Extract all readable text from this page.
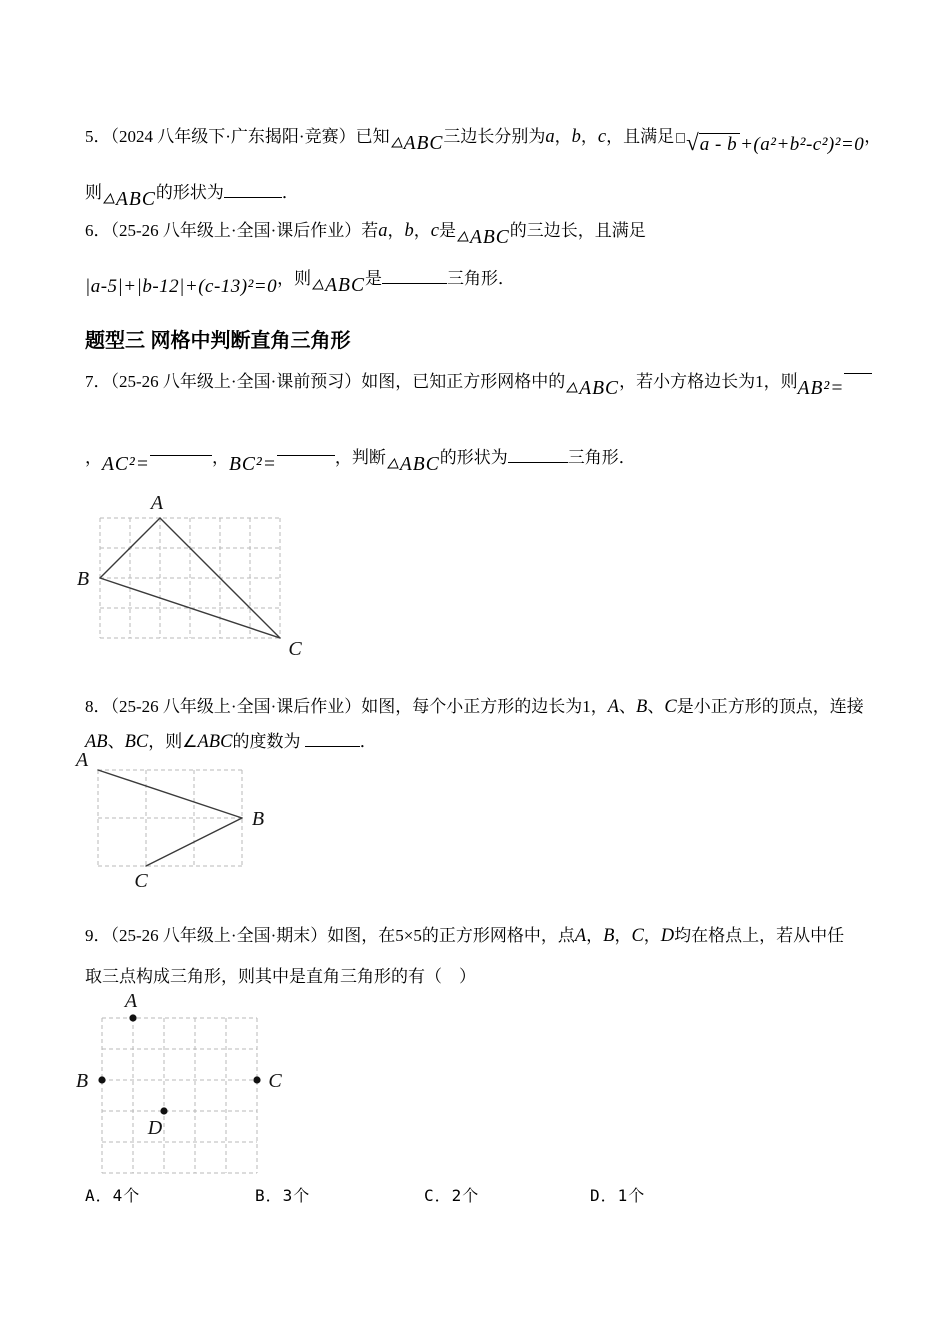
5．（2024 八年级下·广东揭阳·竞赛）已知 ABC三边长分别为a，b，c，且满足 √a - b +(a²+b²-c²)²=0，
则 ABC的形状为	．
6．（25-26 八年级上·全国·课后作业）若a，b，c是 ABC的三边长，且满足
|a-5|+|b-12|+(c-13)²=0，则 ABC是	三角形．
题型三 网格中判断直角三角形
7．（25-26 八年级上·全国·课前预习）如图，已知正方形网格中的 ABC，若小方格边长为1，则AB²=
，AC²=	，BC²=	，判断 ABC的形状为	三角形．
A
B
C
8．（25-26 八年级上·全国·课后作业）如图，每个小正方形的边长为1，A、B、C是小正方形的顶点，连接
AB、BC，则∠ABC的度数为	．
A
B
C
9．（25-26 八年级上·全国·期末）如图，在5×5的正方形网格中，点A，B，C，D均在格点上，若从中任
取三点构成三角形，则其中是直角三角形的有（　）
A
B	C
D
A．4个	B．3个	C．2个	D．1个
